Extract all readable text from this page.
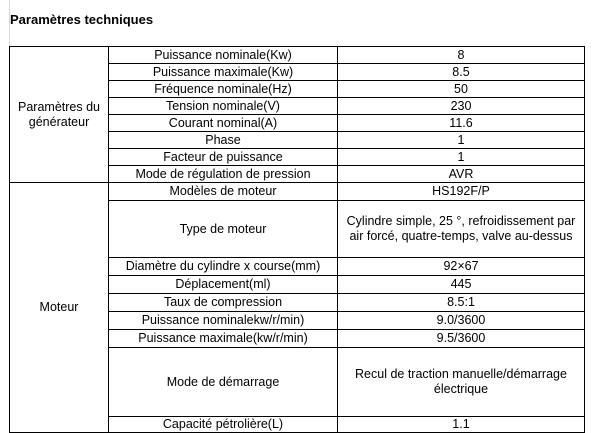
Paramètres techniques
Paramètres du générateur	Puissance nominale(Kw)	8
	Puissance maximale(Kw)	8.5
	Fréquence nominale(Hz)	50
	Tension nominale(V)	230
	Courant nominal(A)	11.6
	Phase	1
	Facteur de puissance	1
	Mode de régulation de pression	AVR
Moteur	Modèles de moteur	HS192F/P
	Type de moteur	Cylindre simple, 25 °, refroidissement par air forcé, quatre-temps, valve au-dessus
	Diamètre du cylindre x course(mm)	92×67
	Déplacement(ml)	445
	Taux de compression	8.5:1
	Puissance nominalekw/r/min)	9.0/3600
	Puissance maximale(kw/r/min)	9.5/3600
	Mode de démarrage	Recul de traction manuelle/démarrage électrique
	Capacité pétrolière(L)	1.1
